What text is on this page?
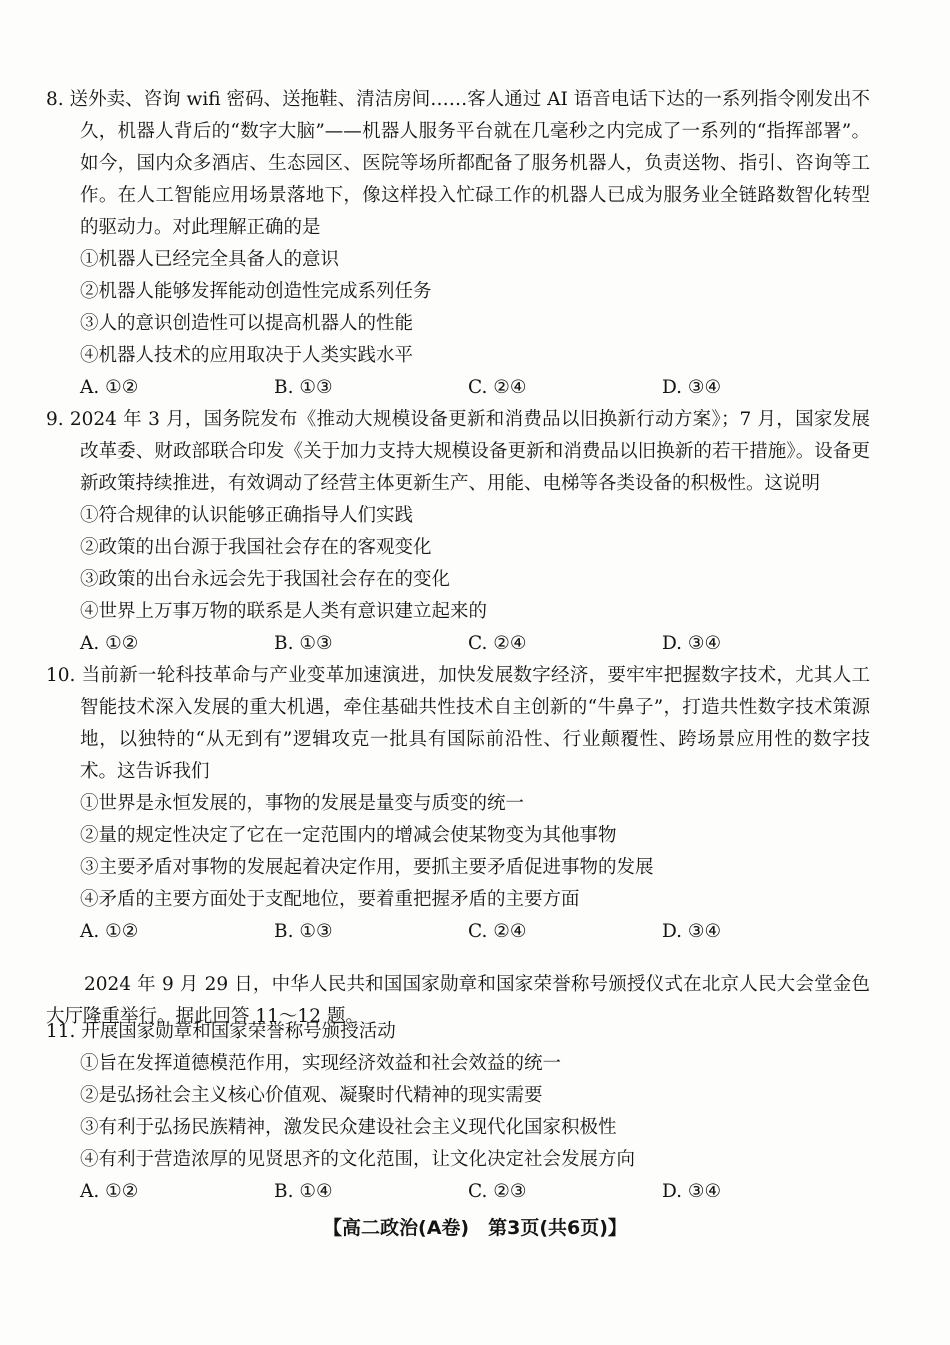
8. 送外卖、咨询 wifi 密码、送拖鞋、清洁房间……客人通过 AI 语音电话下达的一系列指令刚发出不久，机器人背后的“数字大脑”——机器人服务平台就在几毫秒之内完成了一系列的“指挥部署”。如今，国内众多酒店、生态园区、医院等场所都配备了服务机器人，负责送物、指引、咨询等工作。在人工智能应用场景落地下，像这样投入忙碌工作的机器人已成为服务业全链路数智化转型的驱动力。对此理解正确的是

①机器人已经完全具备人的意识
②机器人能够发挥能动创造性完成系列任务
③人的意识创造性可以提高机器人的性能
④机器人技术的应用取决于人类实践水平
A. ①②	B. ①③	C. ②④	D. ③④

9. 2024 年 3 月，国务院发布《推动大规模设备更新和消费品以旧换新行动方案》；7 月，国家发展改革委、财政部联合印发《关于加力支持大规模设备更新和消费品以旧换新的若干措施》。设备更新政策持续推进，有效调动了经营主体更新生产、用能、电梯等各类设备的积极性。这说明

①符合规律的认识能够正确指导人们实践
②政策的出台源于我国社会存在的客观变化
③政策的出台永远会先于我国社会存在的变化
④世界上万事万物的联系是人类有意识建立起来的
A. ①②	B. ①③	C. ②④	D. ③④

10. 当前新一轮科技革命与产业变革加速演进，加快发展数字经济，要牢牢把握数字技术，尤其人工智能技术深入发展的重大机遇，牵住基础共性技术自主创新的“牛鼻子”，打造共性数字技术策源地，以独特的“从无到有”逻辑攻克一批具有国际前沿性、行业颠覆性、跨场景应用性的数字技术。这告诉我们

①世界是永恒发展的，事物的发展是量变与质变的统一
②量的规定性决定了它在一定范围内的增减会使某物变为其他事物
③主要矛盾对事物的发展起着决定作用，要抓主要矛盾促进事物的发展
④矛盾的主要方面处于支配地位，要着重把握矛盾的主要方面
A. ①②	B. ①③	C. ②④	D. ③④

2024 年 9 月 29 日，中华人民共和国国家勋章和国家荣誉称号颁授仪式在北京人民大会堂金色大厅隆重举行。据此回答 11～12 题。

11. 开展国家勋章和国家荣誉称号颁授活动

①旨在发挥道德模范作用，实现经济效益和社会效益的统一
②是弘扬社会主义核心价值观、凝聚时代精神的现实需要
③有利于弘扬民族精神，激发民众建设社会主义现代化国家积极性
④有利于营造浓厚的见贤思齐的文化范围，让文化决定社会发展方向
A. ①②	B. ①④	C. ②③	D. ③④
【高二政治(A卷)　第3页(共6页)】
